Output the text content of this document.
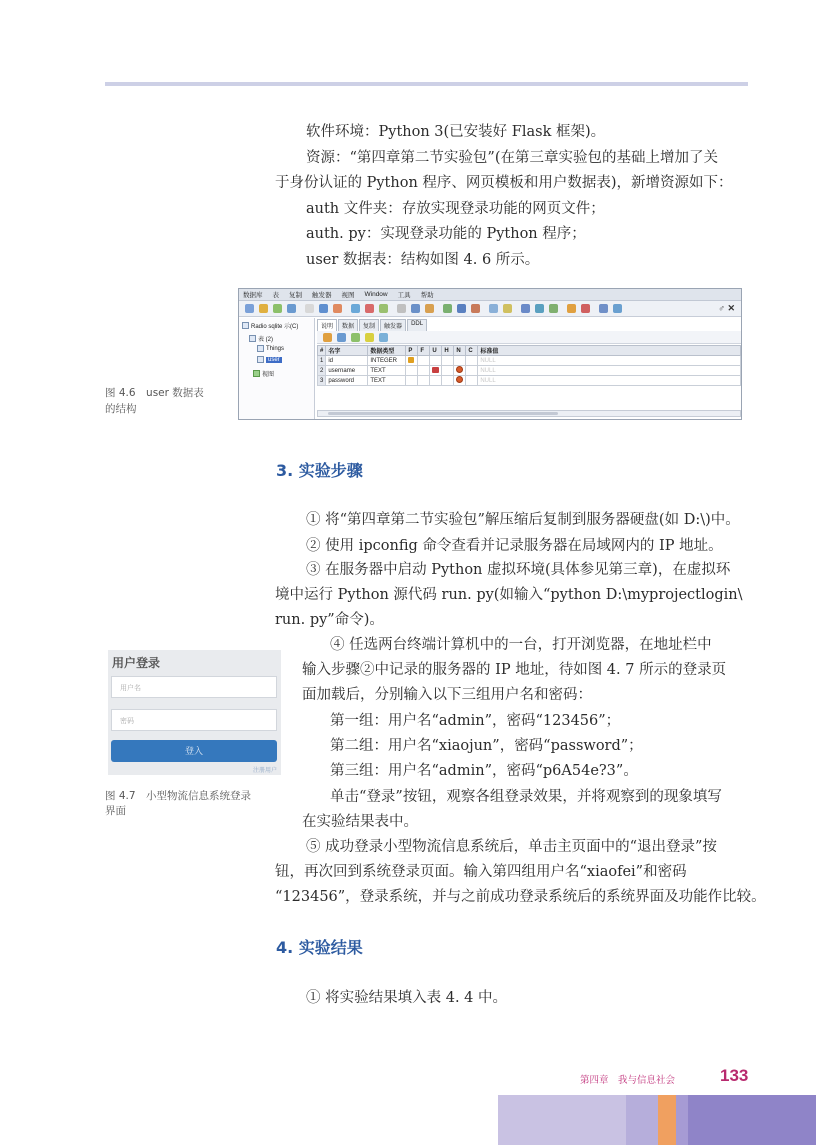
软件环境：Python 3(已安装好 Flask 框架)。
资源：“第四章第二节实验包”(在第三章实验包的基础上增加了关
于身份认证的 Python 程序、网页模板和用户数据表)，新增资源如下：
auth 文件夹：存放实现登录功能的网页文件；
auth. py：实现登录功能的 Python 程序；
user 数据表：结构如图 4. 6 所示。
图 4.6　user 数据表
的结构
数据库 表 复制 触发器 视图 Window 工具 帮助
♂ ✕
Radio sqlite 示(C)
表 (2)
Things
user
视图
说明	数据	复制	触发器	DDL
#	名字	数据类型	P	F	U	H	N	C	标准值
1	id	INTEGER							NULL
2	username	TEXT							NULL
3	password	TEXT							NULL
3. 实验步骤
① 将“第四章第二节实验包”解压缩后复制到服务器硬盘(如 D:\)中。
② 使用 ipconfig 命令查看并记录服务器在局域网内的 IP 地址。
③ 在服务器中启动 Python 虚拟环境(具体参见第三章)，在虚拟环
境中运行 Python 源代码 run. py(如输入“python D:\myprojectlogin\
run. py”命令)。
④ 任选两台终端计算机中的一台，打开浏览器，在地址栏中
输入步骤②中记录的服务器的 IP 地址，待如图 4. 7 所示的登录页
面加载后，分别输入以下三组用户名和密码：
第一组：用户名“admin”，密码“123456”；
第二组：用户名“xiaojun”，密码“password”；
第三组：用户名“admin”，密码“p6A54e?3”。
单击“登录”按钮，观察各组登录效果，并将观察到的现象填写
在实验结果表中。
⑤ 成功登录小型物流信息系统后，单击主页面中的“退出登录”按
钮，再次回到系统登录页面。输入第四组用户名“xiaofei”和密码
“123456”，登录系统，并与之前成功登录系统后的系统界面及功能作比较。
用户登录
用户名
密码
登入
注册用户
图 4.7　小型物流信息系统登录
界面
4. 实验结果
① 将实验结果填入表 4. 4 中。
第四章　我与信息社会	133
